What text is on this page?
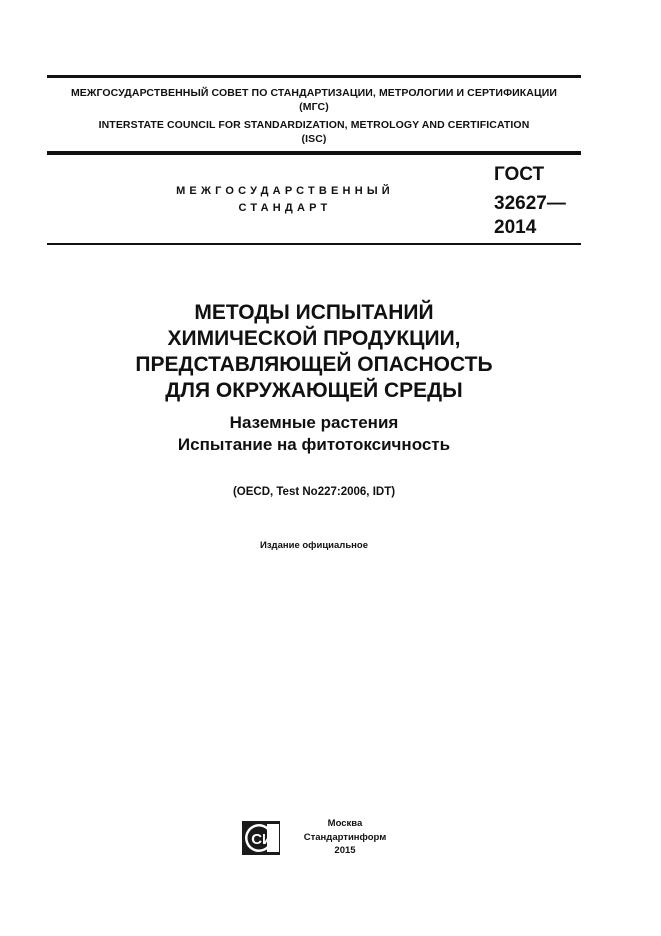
МЕЖГОСУДАРСТВЕННЫЙ СОВЕТ ПО СТАНДАРТИЗАЦИИ, МЕТРОЛОГИИ И СЕРТИФИКАЦИИ
(МГС)
INTERSTATE COUNCIL FOR STANDARDIZATION, METROLOGY AND CERTIFICATION
(ISC)
МЕЖГОСУДАРСТВЕННЫЙ
СТАНДАРТ
ГОСТ
32627—
2014
МЕТОДЫ ИСПЫТАНИЙ
ХИМИЧЕСКОЙ ПРОДУКЦИИ,
ПРЕДСТАВЛЯЮЩЕЙ ОПАСНОСТЬ
ДЛЯ ОКРУЖАЮЩЕЙ СРЕДЫ
Наземные растения
Испытание на фитотоксичность
(OECD, Test No227:2006, IDT)
Издание официальное
СИ
Москва
Стандартинформ
2015
